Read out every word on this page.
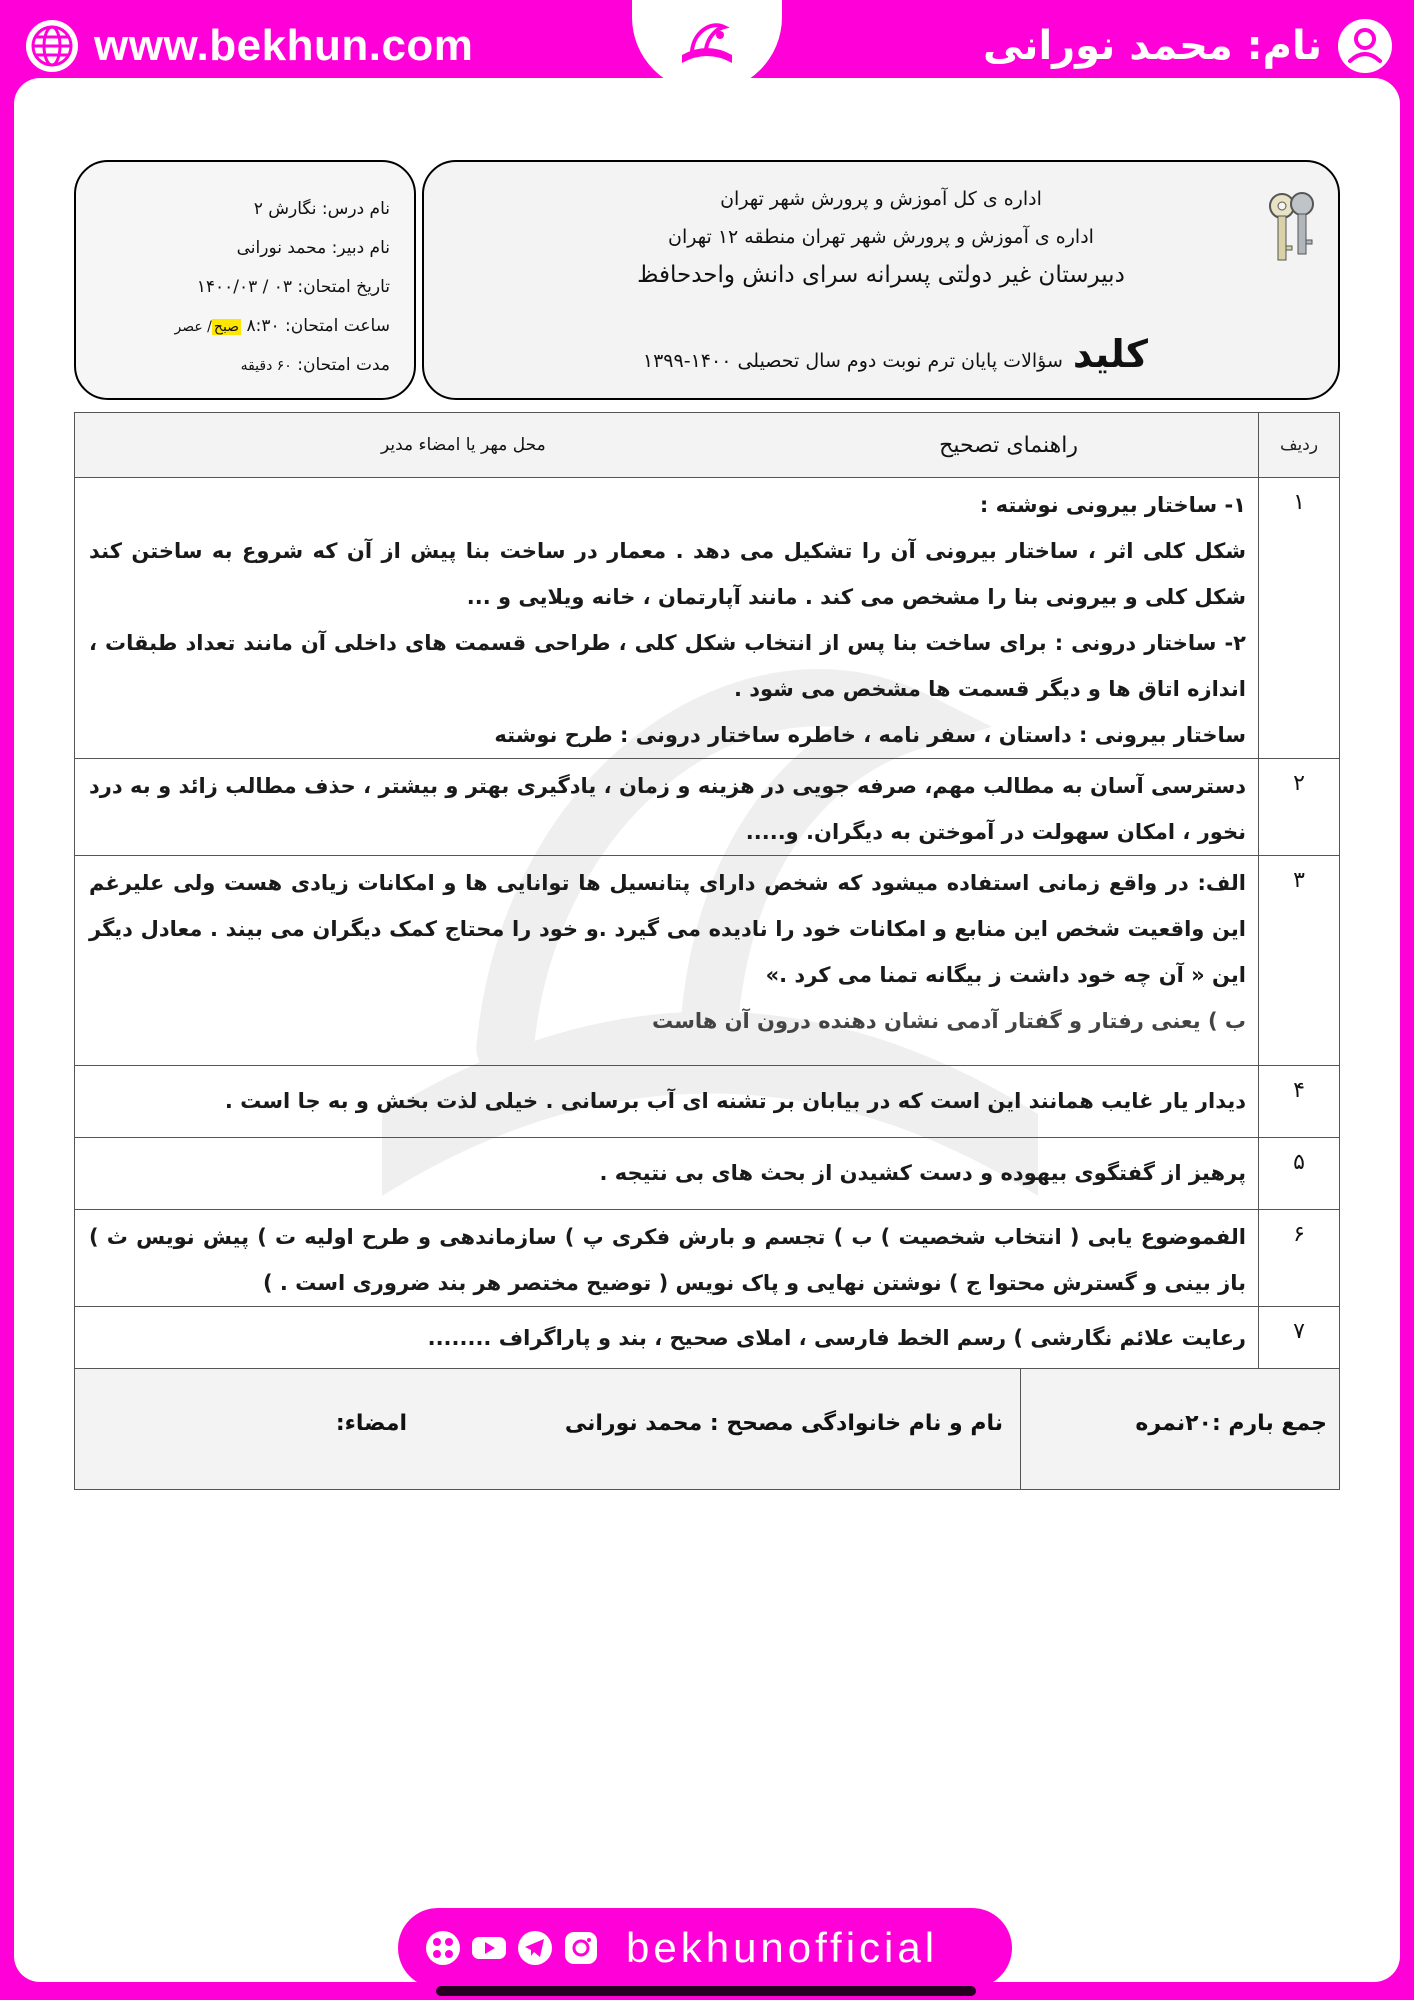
www.bekhun.com	نام: محمد نورانی
اداره ی کل آموزش و پرورش شهر تهران
اداره ی آموزش و پرورش شهر تهران منطقه ۱۲ تهران
دبیرستان غیر دولتی پسرانه سرای دانش واحدحافظ
کلید
سؤالات پایان ترم نوبت دوم سال تحصیلی ۱۴۰۰-۱۳۹۹
نام درس: نگارش ۲
نام دبیر: محمد نورانی
تاریخ امتحان: ۰۳ / ۱۴۰۰/۰۳
ساعت امتحان: ۸:۳۰ صبح/ عصر
مدت امتحان: ۶۰ دقیقه
ردیف	راهنمای تصحیح
محل مهر یا امضاء مدیر

۱	۱- ساختار بیرونی نوشته :

شکل کلی اثر ، ساختار بیرونی آن را تشکیل می دهد . معمار در ساخت بنا پیش از آن که شروع به ساختن کند شکل کلی و بیرونی بنا را مشخص می کند . مانند آپارتمان ، خانه ویلایی و ...

۲- ساختار درونی : برای ساخت بنا پس از انتخاب شکل کلی ، طراحی قسمت های داخلی آن مانند تعداد طبقات ، اندازه اتاق ها و دیگر قسمت ها مشخص می شود .

ساختار بیرونی : داستان ، سفر نامه ، خاطره ساختار درونی : طرح نوشته

۲	دسترسی آسان به مطالب مهم، صرفه جویی در هزینه و زمان ، یادگیری بهتر و بیشتر ، حذف مطالب زائد و به درد نخور ، امکان سهولت در آموختن به دیگران. و.....

۳	الف: در واقع زمانی استفاده میشود که شخص دارای پتانسیل ها توانایی ها و امکانات زیادی هست ولی علیرغم این واقعیت شخص این منابع و امکانات خود را نادیده می گیرد .و خود را محتاج کمک دیگران می بیند . معادل دیگر این « آن چه خود داشت ز بیگانه تمنا می کرد .»

ب ) یعنی رفتار و گفتار آدمی نشان دهنده درون آن هاست

۴	دیدار یار غایب همانند این است که در بیابان بر تشنه ای آب برسانی . خیلی لذت بخش و به جا است .

۵	پرهیز از گفتگوی بیهوده و دست کشیدن از بحث های بی نتیجه .

۶	الفموضوع یابی ( انتخاب شخصیت ) ب ) تجسم و بارش فکری پ ) سازماندهی و طرح اولیه ت ) پیش نویس ث ) باز بینی و گسترش محتوا ج ) نوشتن نهایی و پاک نویس ( توضیح مختصر هر بند ضروری است . )

۷	رعایت علائم نگارشی ) رسم الخط فارسی ، املای صحیح ، بند و پاراگراف ........

جمع بارم :۲۰نمره
نام و نام خانوادگی مصحح : محمد نورانی
امضاء:
bekhunofficial
